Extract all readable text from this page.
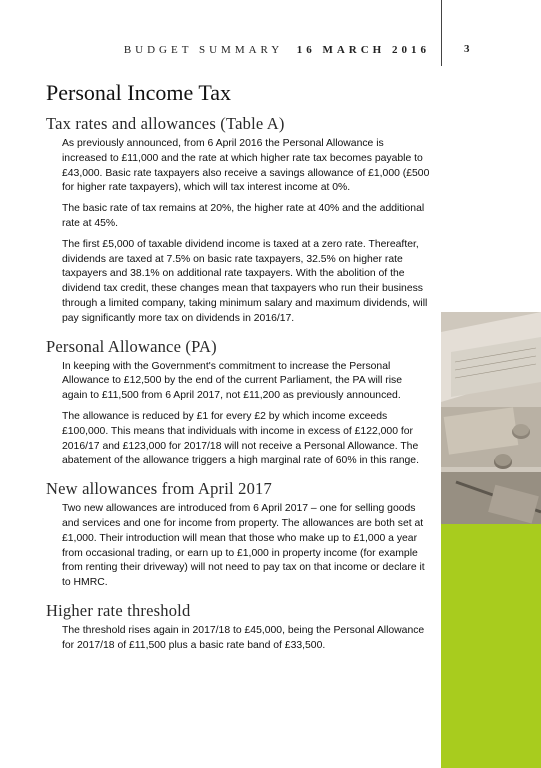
BUDGET SUMMARY 16 MARCH 2016	3
Personal Income Tax
Tax rates and allowances (Table A)

As previously announced, from 6 April 2016 the Personal Allowance is increased to £11,000 and the rate at which higher rate tax becomes payable to £43,000. Basic rate taxpayers also receive a savings allowance of £1,000 (£500 for higher rate taxpayers), which will tax interest income at 0%.

The basic rate of tax remains at 20%, the higher rate at 40% and the additional rate at 45%.

The first £5,000 of taxable dividend income is taxed at a zero rate. Thereafter, dividends are taxed at 7.5% on basic rate taxpayers, 32.5% on higher rate taxpayers and 38.1% on additional rate taxpayers. With the abolition of the dividend tax credit, these changes mean that taxpayers who run their business through a limited company, taking minimum salary and maximum dividends, will pay significantly more tax on dividends in 2016/17.

Personal Allowance (PA)

In keeping with the Government's commitment to increase the Personal Allowance to £12,500 by the end of the current Parliament, the PA will rise again to £11,500 from 6 April 2017, not £11,200 as previously announced.

The allowance is reduced by £1 for every £2 by which income exceeds £100,000. This means that individuals with income in excess of £122,000 for 2016/17 and £123,000 for 2017/18 will not receive a Personal Allowance. The abatement of the allowance triggers a high marginal rate of 60% in this range.

New allowances from April 2017

Two new allowances are introduced from 6 April 2017 – one for selling goods and services and one for income from property. The allowances are both set at £1,000. Their introduction will mean that those who make up to £1,000 a year from occasional trading, or earn up to £1,000 in property income (for example from renting their driveway) will not need to pay tax on that income or declare it to HMRC.

Higher rate threshold

The threshold rises again in 2017/18 to £45,000, being the Personal Allowance for 2017/18 of £11,500 plus a basic rate band of £33,500.
